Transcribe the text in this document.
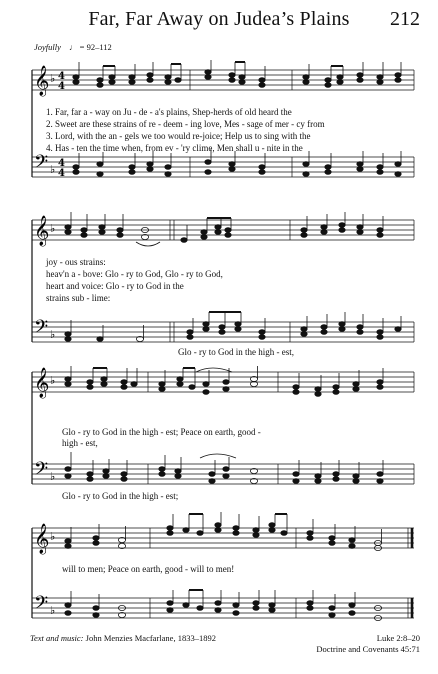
Far, Far Away on Judea’s Plains	212
Joyfully ♩ = 92–112
𝄞
𝄢
♭
♭
4
4
4
4
1. Far, far a - way on Ju - de - a's plains, Shep-herds of old heard the
2. Sweet are these strains of re - deem - ing love, Mes - sage of mer - cy from
3. Lord, with the an - gels we too would re-joice; Help us to sing with the
4. Has - ten the time when, from ev - 'ry clime, Men shall u - nite in the
𝄞
𝄢
♭
♭
joy - ous strains:
heav'n a - bove: Glo - ry to God, Glo - ry to God,
heart and voice: Glo - ry to God in the
strains sub - lime:
Glo - ry to God in the high - est,
𝄞
𝄢
♭
♭
Glo - ry to God in the high - est; Peace on earth, good -
high - est,
Glo - ry to God in the high - est;
𝄞
𝄢
♭
♭
will to men; Peace on earth, good - will to men!
Text and music: John Menzies Macfarlane, 1833–1892	Luke 2:8–20
Doctrine and Covenants 45:71
